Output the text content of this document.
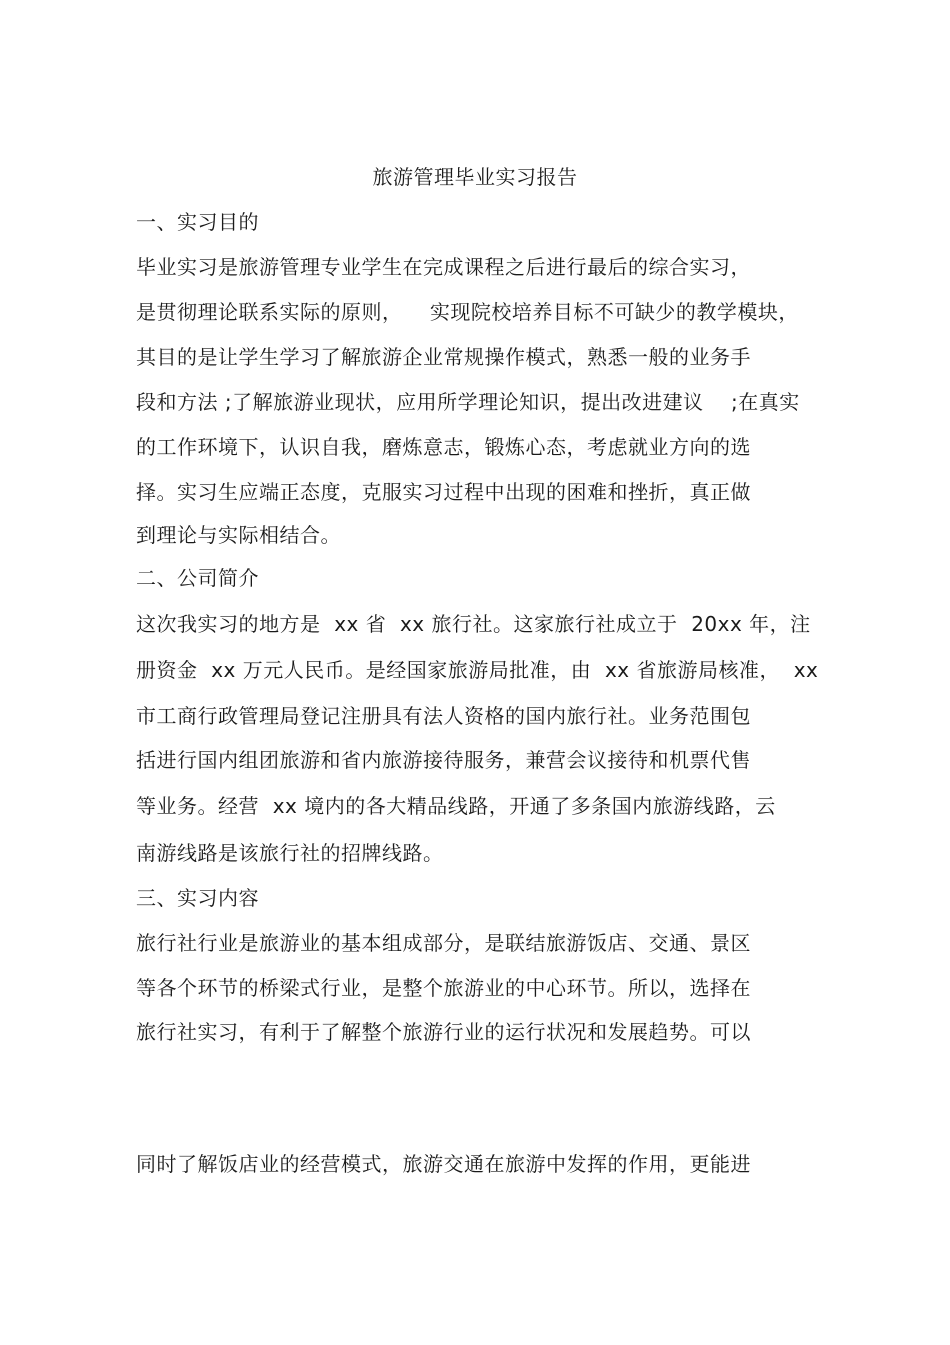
旅游管理毕业实习报告
一、实习目的
毕业实习是旅游管理专业学生在完成课程之后进行最后的综合实习，
是贯彻理论联系实际的原则，    实现院校培养目标不可缺少的教学模块，
其目的是让学生学习了解旅游企业常规操作模式，熟悉一般的业务手
段和方法 ;了解旅游业现状，应用所学理论知识，提出改进建议    ;在真实
的工作环境下，认识自我，磨炼意志，锻炼心态，考虑就业方向的选
择。实习生应端正态度，克服实习过程中出现的困难和挫折，真正做
到理论与实际相结合。
二、公司简介
这次我实习的地方是  xx 省  xx 旅行社。这家旅行社成立于  20xx 年，注
册资金  xx 万元人民币。是经国家旅游局批准，由  xx 省旅游局核准，  xx
市工商行政管理局登记注册具有法人资格的国内旅行社。业务范围包
括进行国内组团旅游和省内旅游接待服务，兼营会议接待和机票代售
等业务。经营  xx 境内的各大精品线路，开通了多条国内旅游线路，云
南游线路是该旅行社的招牌线路。
三、实习内容
旅行社行业是旅游业的基本组成部分，是联结旅游饭店、交通、景区
等各个环节的桥梁式行业，是整个旅游业的中心环节。所以，选择在
旅行社实习，有利于了解整个旅游行业的运行状况和发展趋势。可以
同时了解饭店业的经营模式，旅游交通在旅游中发挥的作用，更能进
